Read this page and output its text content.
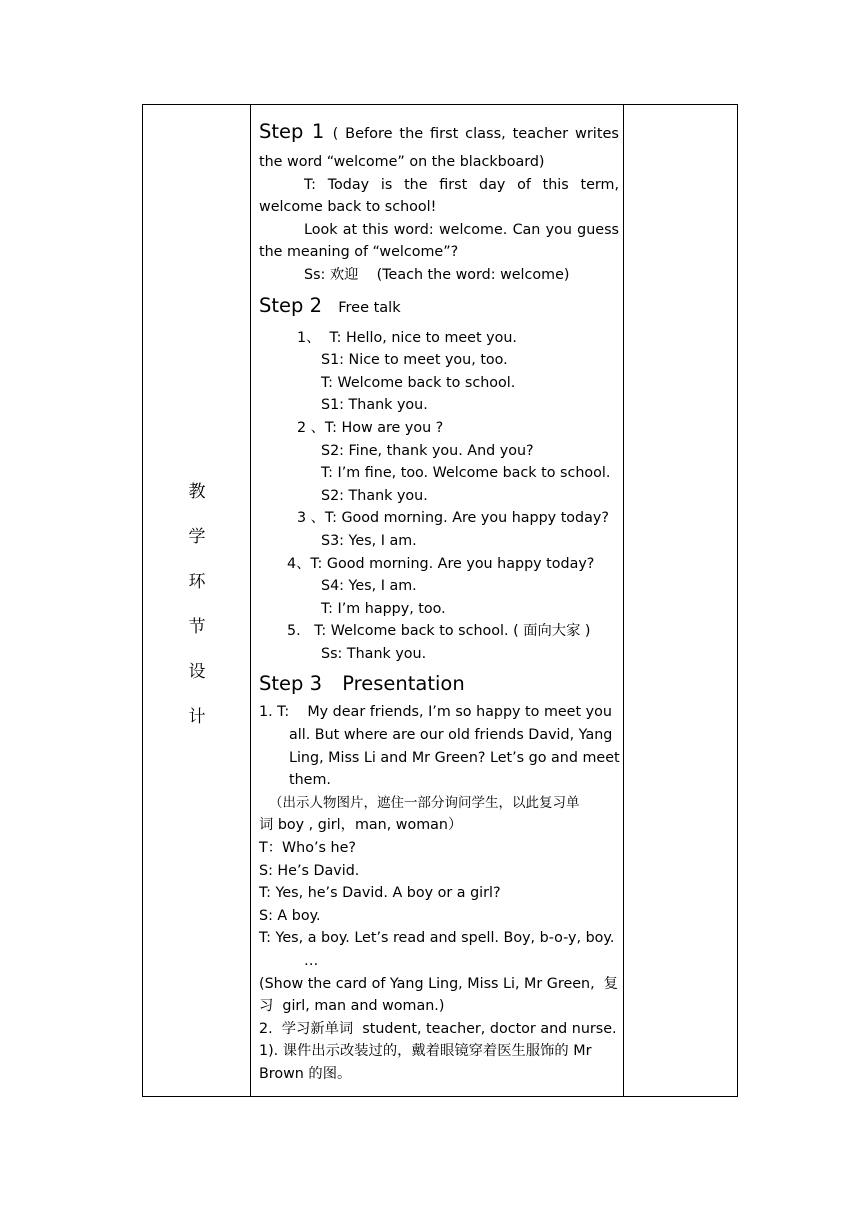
教
学
环
节
设
计
Step 1 ( Before the first class, teacher writes
the word “welcome” on the blackboard)
T: Today is the first day of this term,
welcome back to school!
Look at this word: welcome. Can you guess
the meaning of “welcome”?
Ss: 欢迎    (Teach the word: welcome)
Step 2 Free talk
1、  T: Hello, nice to meet you.
S1: Nice to meet you, too.
T: Welcome back to school.
S1: Thank you.
2 、T: How are you ?
S2: Fine, thank you. And you?
T: I’m fine, too. Welcome back to school.
S2: Thank you.
3 、T: Good morning. Are you happy today?
S3: Yes, I am.
4、T: Good morning. Are you happy today?
S4: Yes, I am.
T: I’m happy, too.
5.   T: Welcome back to school. ( 面向大家 )
Ss: Thank you.
Step 3 Presentation
1. T:    My dear friends, I’m so happy to meet you
all. But where are our old friends David, Yang
Ling, Miss Li and Mr Green? Let’s go and meet
them.
（出示人物图片，遮住一部分询问学生，以此复习单
词 boy , girl，man, woman）
T：Who’s he?
S: He’s David.
T: Yes, he’s David. A boy or a girl?
S: A boy.
T: Yes, a boy. Let’s read and spell. Boy, b-o-y, boy.
…
(Show the card of Yang Ling, Miss Li, Mr Green,  复
习  girl, man and woman.)
2.  学习新单词  student, teacher, doctor and nurse.
1). 课件出示改装过的，戴着眼镜穿着医生服饰的 Mr
Brown 的图。
